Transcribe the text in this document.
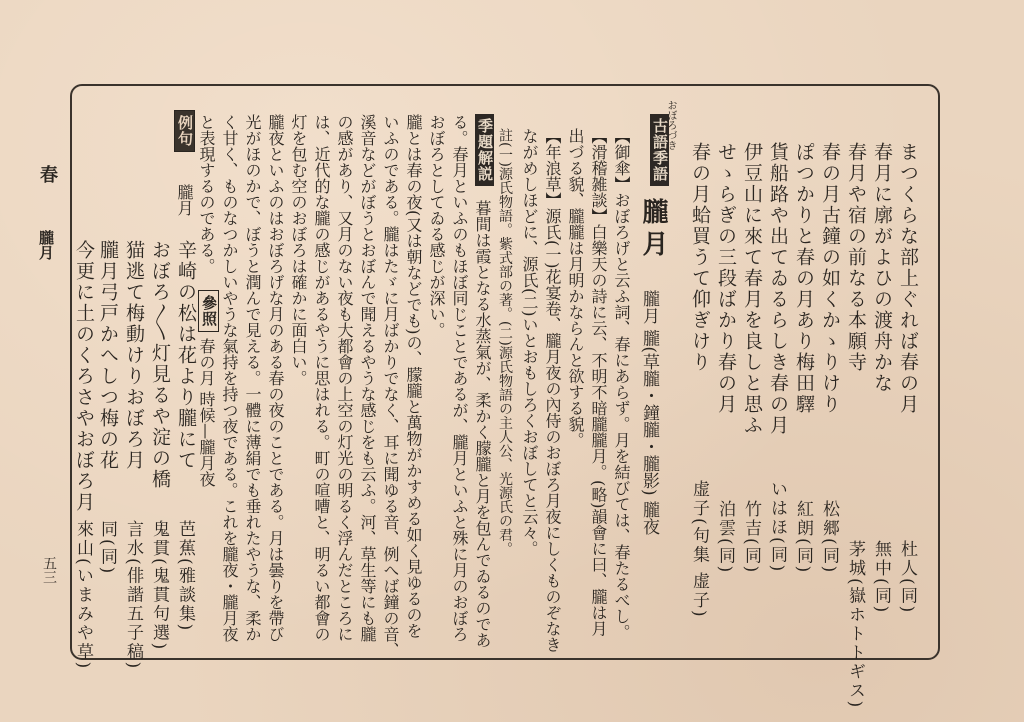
春
朧月
五三
まつくらな部上ぐれば春の月
杜人(同)
春月に廓がよひの渡舟かな
無中(同)
春月や宿の前なる本願寺
茅城(嶽ホトトギス)
春の月古鐘の如くかゝりけり
松郷(同)
ぽつかりと春の月あり梅田驛
紅朗(同)
貨船路や出てゐるらしき春の月
いはほ(同)
伊豆山に來て春月を良しと思ふ
竹吉(同)
せゝらぎの三段ばかり春の月
泊雲(同)
春の月蛤買うて仰ぎけり
虚子(句集 虚子)
古語季語
おぼろづき
朧月
【御傘】おぼろげと云ふ詞、春にあらず。月を結びては、春たるべし。
【滑稽雑談】白樂天の詩に云、不明不暗朧朧月。(略)韻會に曰、朧は月
出づる貌、朧朧は月明かならんと欲する貌。
【年浪草】源氏(一)花宴卷、朧月夜の內侍のおぼろ月夜にしくものぞなき
ながめしほどに、源氏(二)いとおもしろくおぼしてと云々。
註(一)源氏物語。紫式部の著。(二)源氏物語の主人公、光源氏の君。	朧月 朧(草朧・鐘朧・朧影) 朧夜
季題解説
暮間は霞となる水蒸氣が、柔かく朦朧と月を包んでゐるのであ
る。春月といふのもほぼ同じことであるが、朧月といふと殊に月のおぼろ
おぼろとしてゐる感じが深い。
朧とは春の夜(又は朝などでも)の、朦朧と萬物がかすめる如く見ゆるのを
いふのである。朧はたゞに月ばかりでなく、耳に聞ゆる音、例へば鐘の音、
溪音などがぼうとおぼんで聞えるやうな感じをも云ふ。河、草生等にも朧
の感があり、又月のない夜も大都會の上空の灯光の明るく浮んだところに
は、近代的な朧の感じがあるやうに思はれる。町の喧嘈と、明るい都會の
灯を包む空のおぼろは確かに面白い。
朧夜といふのはおぼろげな月のある春の夜のことである。月は曇りを帶び
光がほのかで、ぼうと潤んで見える。一體に薄絹でも垂れたやうな、柔か
く甘く、ものなつかしいやうな氣持を持つ夜である。これを朧夜・朧月夜
と表現するのである。
參照
春の月 時候—朧月夜
例句
朧月
辛崎の松は花より朧にて
芭蕉(雅談集)
おぼろ〳〵灯見るや淀の橋
鬼貫(鬼貫句選)
猫逃て梅動けりおぼろ月
言水(俳諧五子稿)
朧月弓戸かへしつ梅の花
同(同)
今更に土のくろさやおぼろ月
來山(いまみや草)
